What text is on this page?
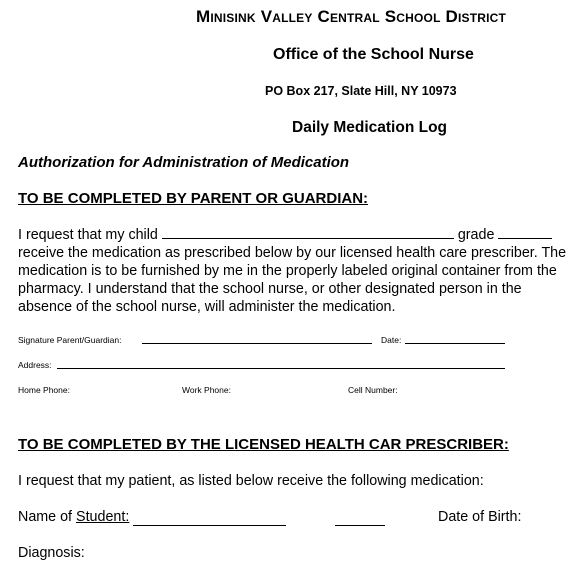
Minisink Valley Central School District
Office of the School Nurse
PO Box 217, Slate Hill, NY 10973
Daily Medication Log
Authorization for Administration of Medication
TO BE COMPLETED BY PARENT OR GUARDIAN:
I request that my child	grade
receive the medication as prescribed below by our licensed health care prescriber. The
medication is to be furnished by me in the properly labeled original container from the
pharmacy. I understand that the school nurse, or other designated person in the
absence of the school nurse, will administer the medication.
Signature Parent/Guardian:	Date:
Address:
Home Phone:	Work Phone:	Cell Number:
TO BE COMPLETED BY THE LICENSED HEALTH CAR PRESCRIBER:
I request that my patient, as listed below receive the following medication:
Name of Student:	Date of Birth:
Diagnosis:
